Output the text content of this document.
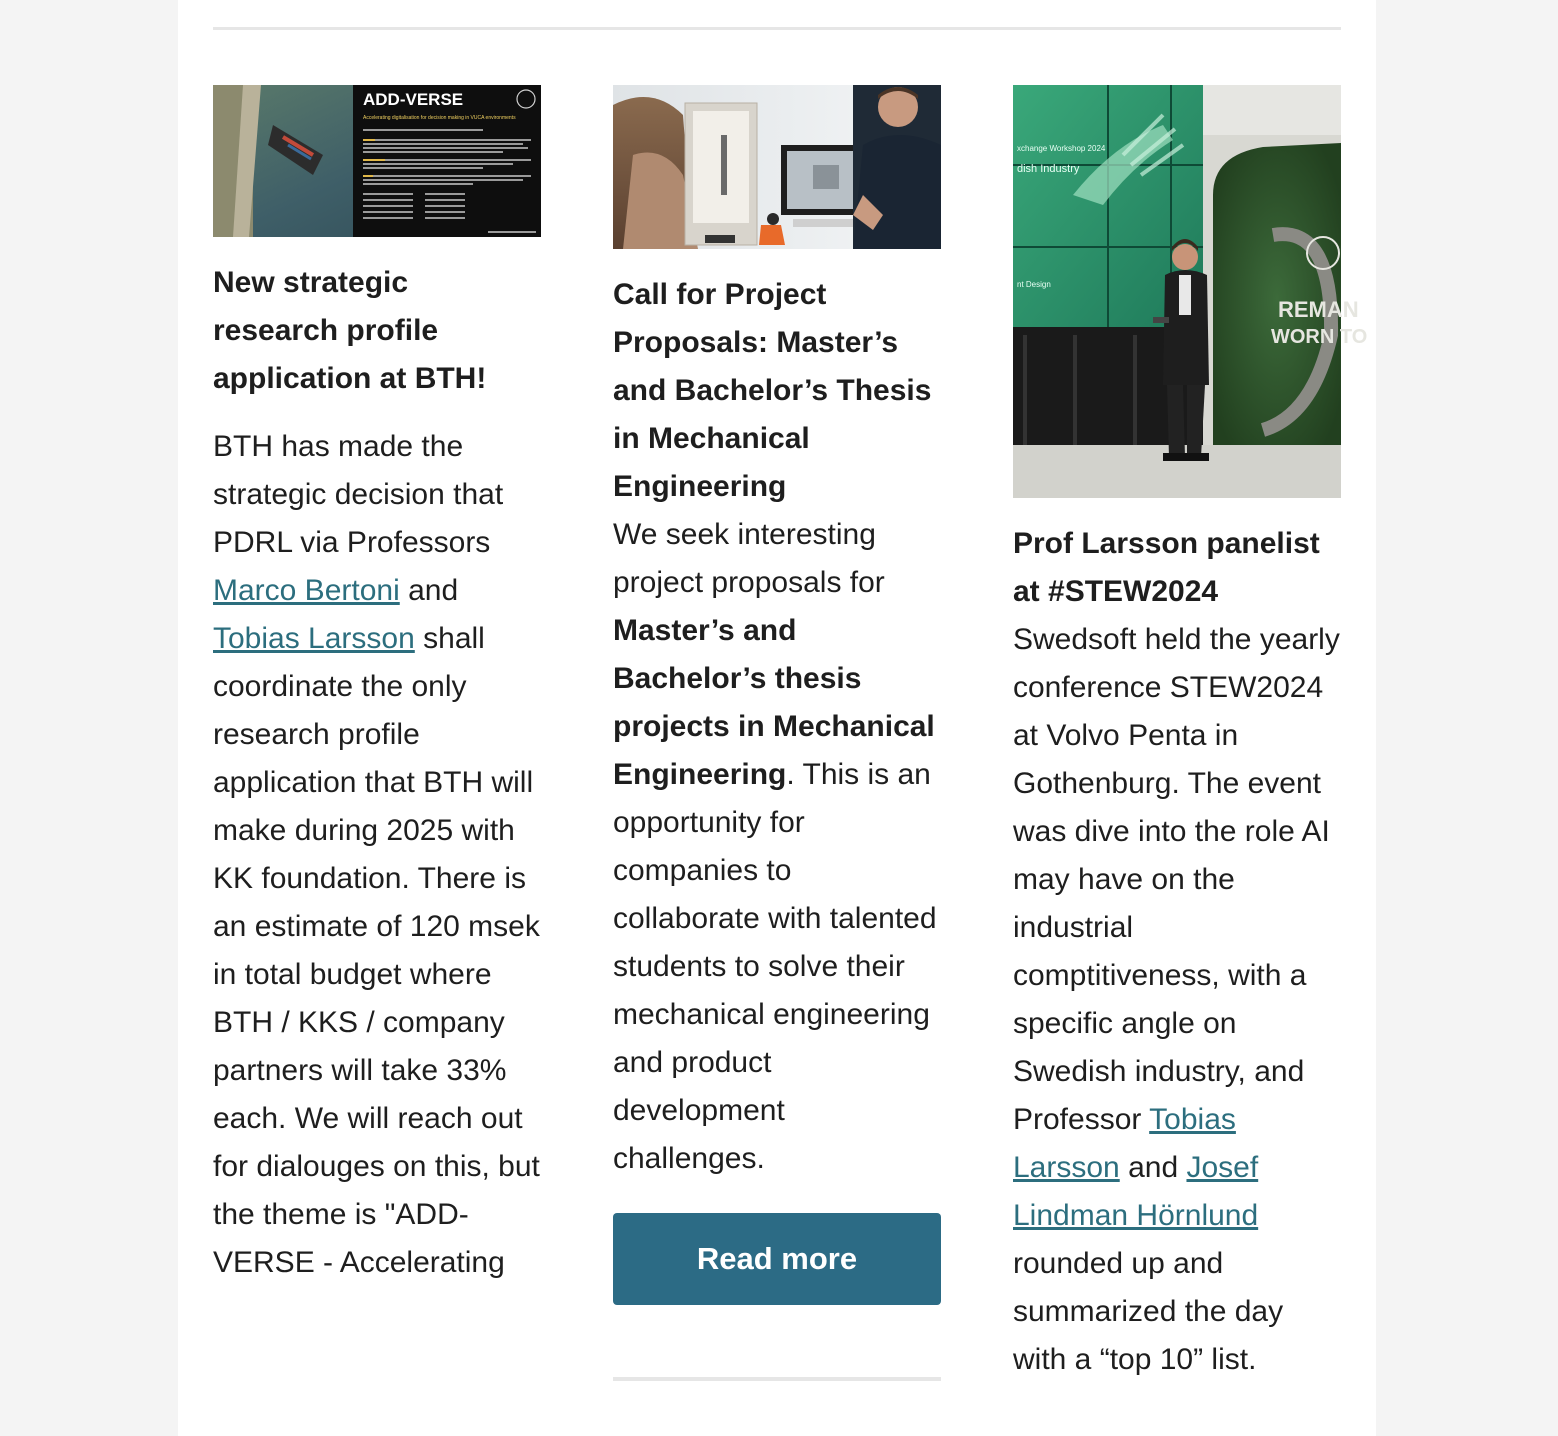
ADD-VERSE
Accelerating digitalisation for decision making in VUCA environments
New strategic research profile application at BTH!

BTH has made the strategic decision that PDRL via Professors Marco Bertoni and Tobias Larsson shall coordinate the only research profile application that BTH will make during 2025 with KK foundation. There is an estimate of 120 msek in total budget where BTH / KKS / company partners will take 33% each. We will reach out for dialouges on this, but the theme is "ADD-VERSE - Accelerating

Call for Project Proposals: Master’s and Bachelor’s Thesis in Mechanical Engineering

We seek interesting project proposals for Master’s and Bachelor’s thesis projects in Mechanical Engineering. This is an opportunity for companies to collaborate with talented students to solve their mechanical engineering and product development challenges.

Read more
xchange Workshop 2024
dish Industry
nt Design
REMAN
WORN TO
Prof Larsson panelist at #STEW2024

Swedsoft held the yearly conference STEW2024 at Volvo Penta in Gothenburg. The event was dive into the role AI may have on the industrial comptitiveness, with a specific angle on Swedish industry, and Professor Tobias Larsson and Josef Lindman Hörnlund rounded up and summarized the day with a “top 10” list.
